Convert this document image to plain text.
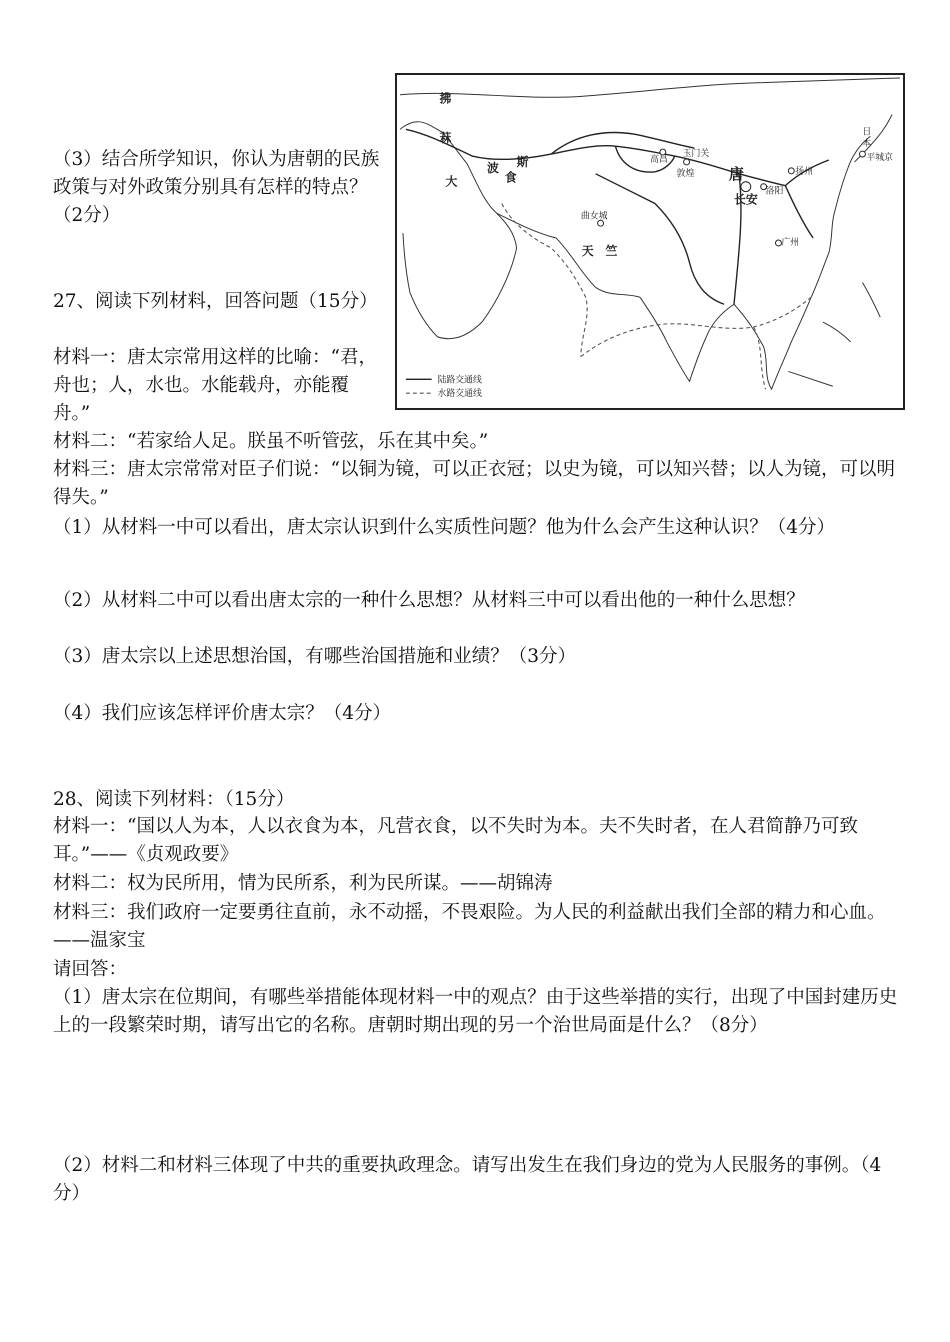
（3）结合所学知识，你认为唐朝的民族政策与对外政策分别具有怎样的特点？（2分）
拂
菻
大	食
波 斯	高昌
玉门关
敦煌 唐
长安
洛阳
扬州
广州
日
本
平城京
曲女城
天 竺
陆路交通线
水路交通线
27、阅读下列材料，回答问题（15分）
材料一：唐太宗常用这样的比喻：“君，舟也；人，水也。水能载舟，亦能覆舟。”
材料二：“若家给人足。朕虽不听管弦，乐在其中矣。”
材料三：唐太宗常常对臣子们说：“以铜为镜，可以正衣冠；以史为镜，可以知兴替；以人为镜，可以明得失。”
（1）从材料一中可以看出，唐太宗认识到什么实质性问题？他为什么会产生这种认识？（4分）
（2）从材料二中可以看出唐太宗的一种什么思想？从材料三中可以看出他的一种什么思想？
（3）唐太宗以上述思想治国，有哪些治国措施和业绩？（3分）
（4）我们应该怎样评价唐太宗？（4分）
28、阅读下列材料：（15分）
材料一：“国以人为本，人以衣食为本，凡营衣食，以不失时为本。夫不失时者，在人君简静乃可致耳。”——《贞观政要》
材料二：权为民所用，情为民所系，利为民所谋。——胡锦涛
材料三：我们政府一定要勇往直前，永不动摇，不畏艰险。为人民的利益献出我们全部的精力和心血。——温家宝
请回答：
（1）唐太宗在位期间，有哪些举措能体现材料一中的观点？由于这些举措的实行，出现了中国封建历史上的一段繁荣时期，请写出它的名称。唐朝时期出现的另一个治世局面是什么？（8分）
（2）材料二和材料三体现了中共的重要执政理念。请写出发生在我们身边的党为人民服务的事例。（4分）
